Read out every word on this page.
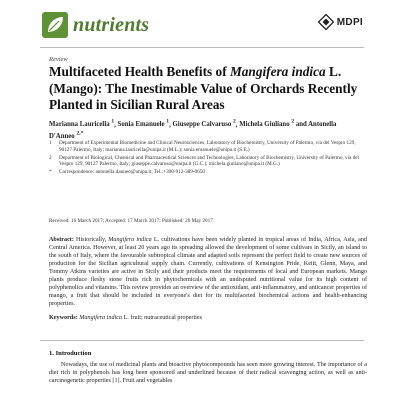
nutrients	MDPI
Review
Multifaceted Health Benefits of Mangifera indica L. (Mango): The Inestimable Value of Orchards Recently Planted in Sicilian Rural Areas
Marianna Lauricella $^1$, Sonia Emanuele $^1$, Giuseppe Calvaruso $^2$, Michela Giuliano $^2$ and Antonella D'Anneo $^{2,*}$
1	Department of Experimental Biomedicine and Clinical Neurosciences, Laboratory of Biochemistry, University of Palermo, via del Vespro 129, 90127 Palermo, Italy; marianna.lauricella@unipa.it (M.L.); sonia.emanuele@unipa.it (S.E.)
2	Department of Biological, Chemical and Pharmaceutical Sciences and Technologies, Laboratory of Biochemistry, University of Palermo, via del Vespro 129, 90127 Palermo, Italy; giuseppe.calvaruso@unipa.it (G.C.); michela.giuliano@unipa.it (M.G.)
*	Correspondence: antonella.danneo@unipa.it; Tel.:+390-912-389-0650
Received: 16 March 2017; Accepted: 17 March 2017; Published: 20 May 2017

Abstract: Historically, Mangifera indica L. cultivations have been widely planted in tropical areas of India, Africa, Asia, and Central America. However, at least 20 years ago its spreading allowed the development of some cultivars in Sicily, an island to the south of Italy, where the favourable subtropical climate and adapted soils represent the perfect field to create new sources of production for the Sicilian agricultural supply chain. Currently, cultivations of Kensington Pride, Keitt, Glenn, Maya, and Tommy Atkins varieties are active in Sicily and their products meet the requirements of local and European markets. Mango plants produce fleshy stone fruits rich in phytochemicals with an undisputed nutritional value for its high content of polyphenolics and vitamins. This review provides an overview of the antioxidant, anti-inflammatory, and anticancer properties of mango, a fruit that should be included in everyone's diet for its multifaceted biochemical actions and health-enhancing properties.

Keywords: Mangifera indica L. fruit; nutraceutical properties
1. Introduction

Nowadays, the use of medicinal plants and bioactive phytocompounds has seen more growing interest. The importance of a diet rich in polyphenols has long been sponsored and underlined because of their radical scavenging action, as well as anti-carcinogenetic properties [1]. Fruit and vegetables
